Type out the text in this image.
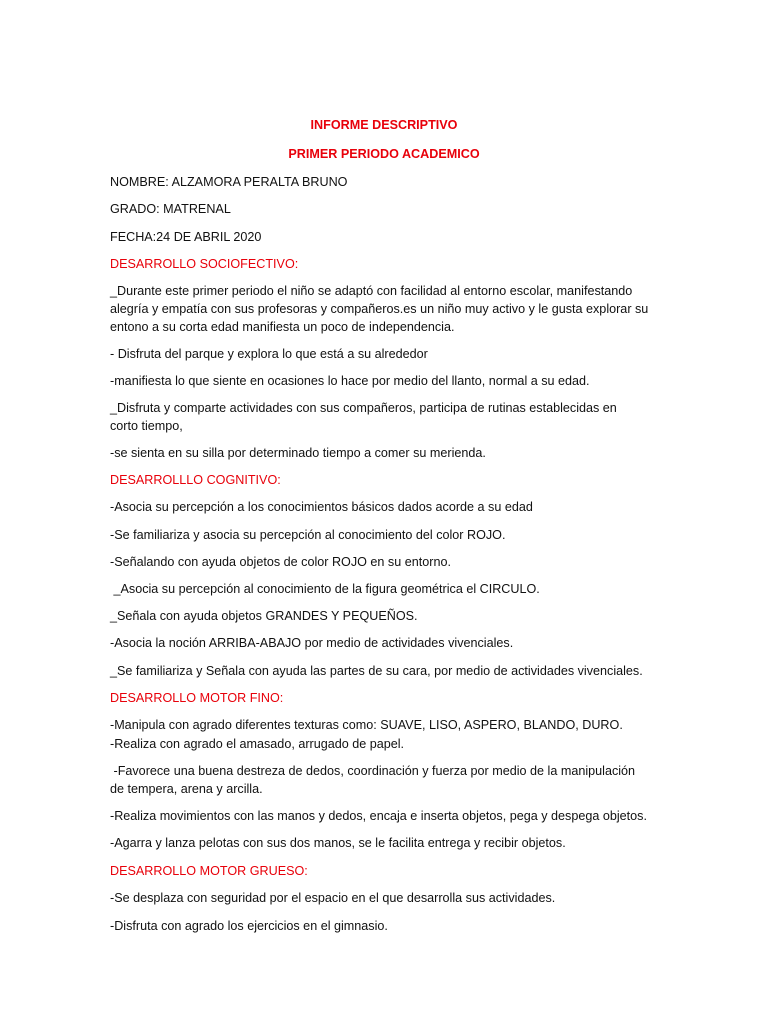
INFORME DESCRIPTIVO
PRIMER PERIODO ACADEMICO
NOMBRE: ALZAMORA PERALTA BRUNO
GRADO: MATRENAL
FECHA:24 DE ABRIL 2020
DESARROLLO SOCIOFECTIVO:
_Durante este primer periodo el niño se adaptó con facilidad al entorno escolar, manifestando
alegría y empatía con sus profesoras y compañeros.es un niño muy activo y le gusta explorar su
entono a su corta edad manifiesta un poco de independencia.
- Disfruta del parque y explora lo que está a su alrededor
-manifiesta lo que siente en ocasiones lo hace por medio del llanto, normal a su edad.
_Disfruta y comparte actividades con sus compañeros, participa de rutinas establecidas en
corto tiempo,
-se sienta en su silla por determinado tiempo a comer su merienda.
DESARROLLLO COGNITIVO:
-Asocia su percepción a los conocimientos básicos dados acorde a su edad
-Se familiariza y asocia su percepción al conocimiento del color ROJO.
-Señalando con ayuda objetos de color ROJO en su entorno.
_Asocia su percepción al conocimiento de la figura geométrica el CIRCULO.
_Señala con ayuda objetos GRANDES Y PEQUEÑOS.
-Asocia la noción ARRIBA-ABAJO por medio de actividades vivenciales.
_Se familiariza y Señala con ayuda las partes de su cara, por medio de actividades vivenciales.
DESARROLLO MOTOR FINO:
-Manipula con agrado diferentes texturas como: SUAVE, LISO, ASPERO, BLANDO, DURO.
-Realiza con agrado el amasado, arrugado de papel.
-Favorece una buena destreza de dedos, coordinación y fuerza por medio de la manipulación
de tempera, arena y arcilla.
-Realiza movimientos con las manos y dedos, encaja e inserta objetos, pega y despega objetos.
-Agarra y lanza pelotas con sus dos manos, se le facilita entrega y recibir objetos.
DESARROLLO MOTOR GRUESO:
-Se desplaza con seguridad por el espacio en el que desarrolla sus actividades.
-Disfruta con agrado los ejercicios en el gimnasio.
